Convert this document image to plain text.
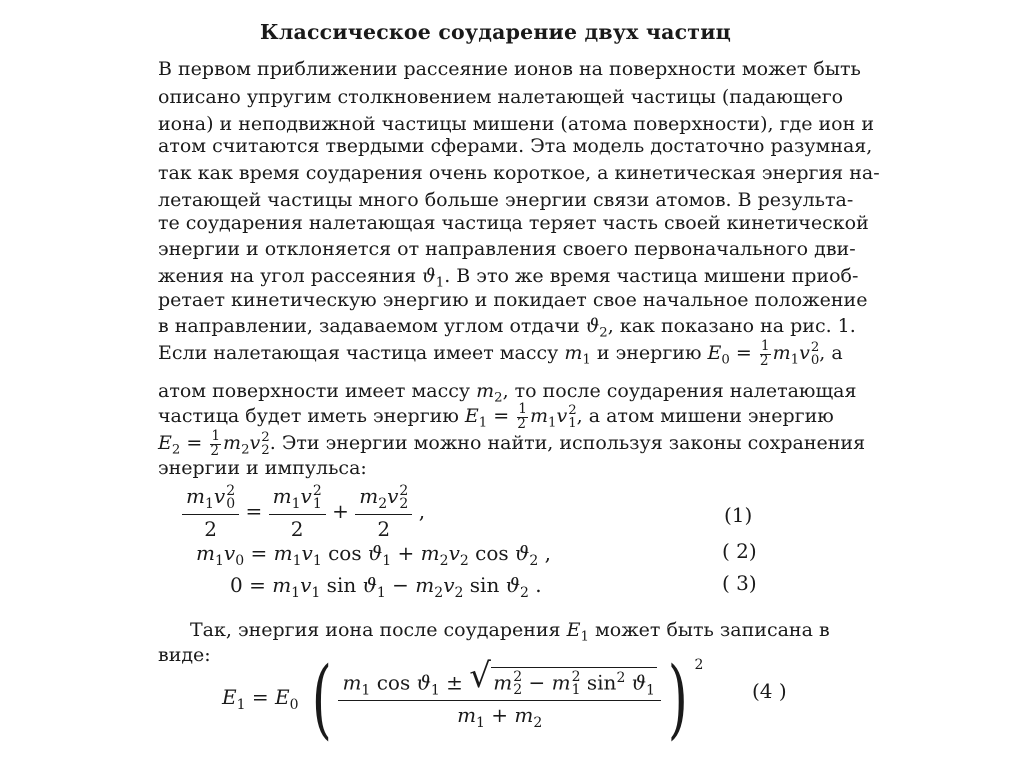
Классическое соударение двух частиц
В первом приближении рассеяние ионов на поверхности может быть
описано упругим столкновением налетающей частицы (падающего
иона) и неподвижной частицы мишени (атома поверхности), где ион и
атом считаются твердыми сферами. Эта модель достаточно разумная,
так как время соударения очень короткое, а кинетическая энергия на-
летающей частицы много больше энергии связи атомов. В результа-
те соударения налетающая частица теряет часть своей кинетической
энергии и отклоняется от направления своего первоначального дви-
жения на угол рассеяния $ϑ_1$. В это же время частица мишени приоб-
ретает кинетическую энергию и покидает свое начальное положение
в направлении, задаваемом углом отдачи $ϑ_2$, как показано на рис. 1.
Если налетающая частица имеет массу $m_1$ и энергию $E_0 = \frac{1}{2} m_1v$ 2
0 , а
атом поверхности имеет массу $m_2$, то после соударения налетающая
частица будет иметь энергию $E_1 = \frac{1}{2} m_1v$ 2
1 , а атом мишени энергию
$E_2 = \frac{1}{2} m_2v$ 2
2 . Эти энергии можно найти, используя законы сохранения
энергии и импульса:
$m_1v$ 2
0
$2 = m_1v$ 2
1
$2 + m_2v$ 2
2
2 ,	(1)
$m_1v_0 = m_1v_1$ $\cos ϑ_1 + m_2v_2$ $\cos ϑ_2$ ,	( 2)
$0 = m_1v_1$ $\sin ϑ_1 - m_2v_2$ $\sin ϑ_2$ .	( 3)
Так, энергия иона после соударения $E_1$ может быть записана в
виде:
$E_1 = E_0$ ( $m_1$ $\cos ϑ_1$ ± √ m 2
2 − m 2
1 $\sin^2 ϑ_1$
$m_1 + m_2$ ) $^2$
(4 )
